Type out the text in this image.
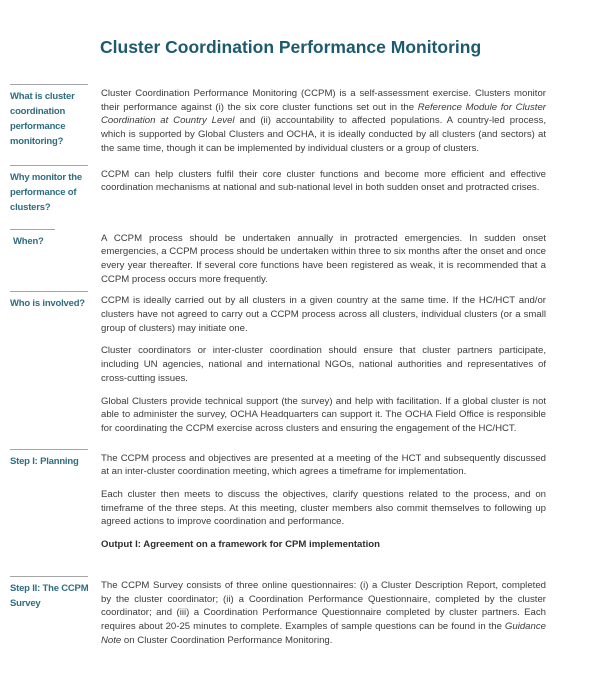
Cluster Coordination Performance Monitoring
What is cluster coordination performance monitoring?

Cluster Coordination Performance Monitoring (CCPM) is a self-assessment exercise. Clusters monitor their performance against (i) the six core cluster functions set out in the Reference Module for Cluster Coordination at Country Level and (ii) accountability to affected populations. A country-led process, which is supported by Global Clusters and OCHA, it is ideally conducted by all clusters (and sectors) at the same time, though it can be implemented by individual clusters or a group of clusters.

Why monitor the performance of clusters?

CCPM can help clusters fulfil their core cluster functions and become more efficient and effective coordination mechanisms at national and sub-national level in both sudden onset and protracted crises.

When?	A CCPM process should be undertaken annually in protracted emergencies. In sudden onset emergencies, a CCPM process should be undertaken within three to six months after the onset and once every year thereafter. If several core functions have been registered as weak, it is recommended that a CCPM process occurs more frequently.

Who is involved?	CCPM is ideally carried out by all clusters in a given country at the same time. If the HC/HCT and/or clusters have not agreed to carry out a CCPM process across all clusters, individual clusters (or a small group of clusters) may initiate one.

Cluster coordinators or inter-cluster coordination should ensure that cluster partners participate, including UN agencies, national and international NGOs, national authorities and representatives of cross-cutting issues.

Global Clusters provide technical support (the survey) and help with facilitation. If a global cluster is not able to administer the survey, OCHA Headquarters can support it. The OCHA Field Office is responsible for coordinating the CCPM exercise across clusters and ensuring the engagement of the HC/HCT.

Step I: Planning	The CCPM process and objectives are presented at a meeting of the HCT and subsequently discussed at an inter-cluster coordination meeting, which agrees a timeframe for implementation.

Each cluster then meets to discuss the objectives, clarify questions related to the process, and on timeframe of the three steps. At this meeting, cluster members also commit themselves to following up agreed actions to improve coordination and performance.

Output I: Agreement on a framework for CPM implementation

Step II: The CCPM Survey

The CCPM Survey consists of three online questionnaires: (i) a Cluster Description Report, completed by the cluster coordinator; (ii) a Coordination Performance Questionnaire, completed by the cluster coordinator; and (iii) a Coordination Performance Questionnaire completed by cluster partners. Each requires about 20-25 minutes to complete. Examples of sample questions can be found in the Guidance Note on Cluster Coordination Performance Monitoring.
